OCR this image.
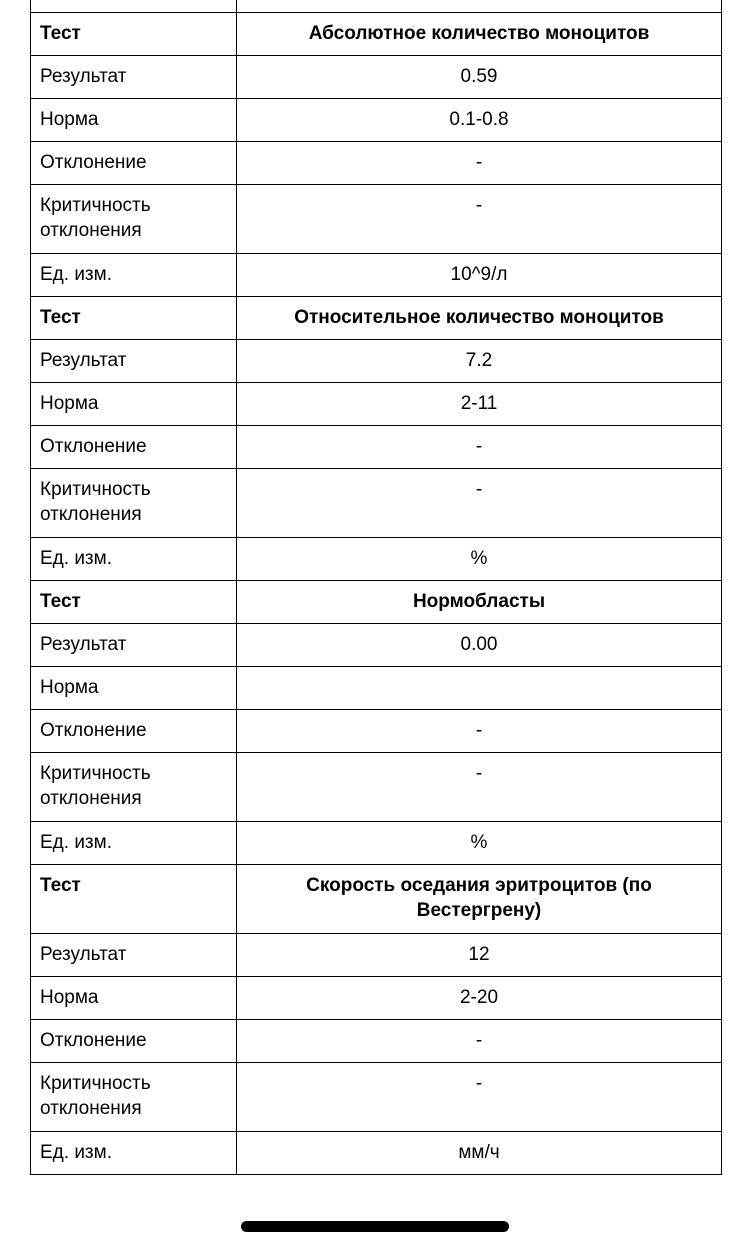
Тест	Абсолютное количество моноцитов
Результат	0.59
Норма	0.1-0.8
Отклонение	-
Критичность
отклонения	-
Ед. изм.	10^9/л
Тест	Относительное количество моноцитов
Результат	7.2
Норма	2-11
Отклонение	-
Критичность
отклонения	-
Ед. изм.	%
Тест	Нормобласты
Результат	0.00
Норма	
Отклонение	-
Критичность
отклонения	-
Ед. изм.	%
Тест	Скорость оседания эритроцитов (по
Вестергрену)
Результат	12
Норма	2-20
Отклонение	-
Критичность
отклонения	-
Ед. изм.	мм/ч
